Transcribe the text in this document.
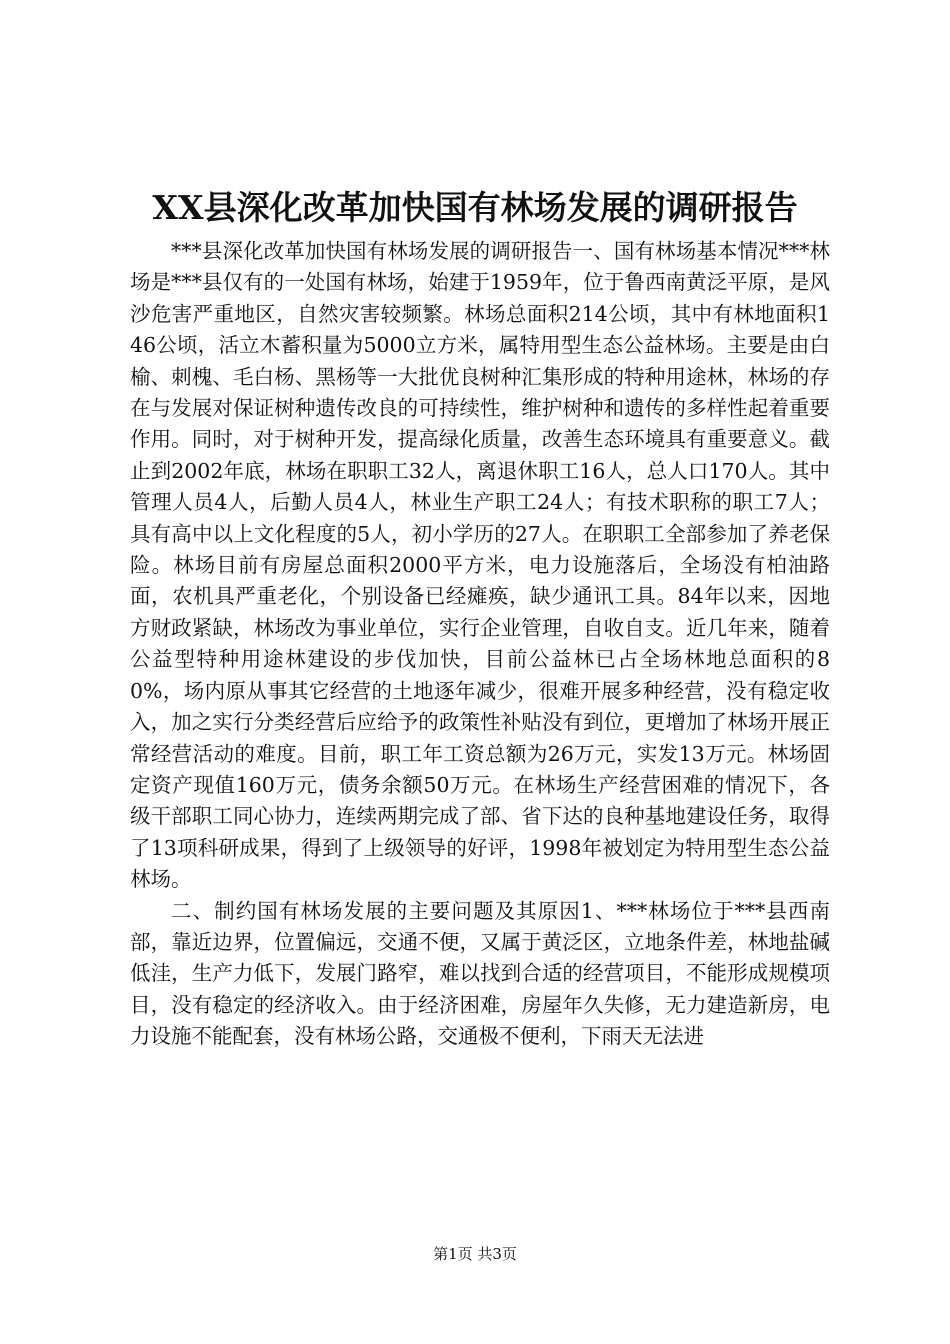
XX县深化改革加快国有林场发展的调研报告

***县深化改革加快国有林场发展的调研报告一、国有林场基本情况***林场是***县仅有的一处国有林场，始建于1959年，位于鲁西南黄泛平原，是风沙危害严重地区，自然灾害较频繁。林场总面积214公顷，其中有林地面积146公顷，活立木蓄积量为5000立方米，属特用型生态公益林场。主要是由白榆、刺槐、毛白杨、黑杨等一大批优良树种汇集形成的特种用途林，林场的存在与发展对保证树种遗传改良的可持续性，维护树种和遗传的多样性起着重要作用。同时，对于树种开发，提高绿化质量，改善生态环境具有重要意义。截止到2002年底，林场在职职工32人，离退休职工16人，总人口170人。其中管理人员4人，后勤人员4人，林业生产职工24人；有技术职称的职工7人；具有高中以上文化程度的5人，初小学历的27人。在职职工全部参加了养老保险。林场目前有房屋总面积2000平方米，电力设施落后，全场没有柏油路面，农机具严重老化，个别设备已经瘫痪，缺少通讯工具。84年以来，因地方财政紧缺，林场改为事业单位，实行企业管理，自收自支。近几年来，随着公益型特种用途林建设的步伐加快，目前公益林已占全场林地总面积的80%，场内原从事其它经营的土地逐年减少，很难开展多种经营，没有稳定收入，加之实行分类经营后应给予的政策性补贴没有到位，更增加了林场开展正常经营活动的难度。目前，职工年工资总额为26万元，实发13万元。林场固定资产现值160万元，债务余额50万元。在林场生产经营困难的情况下，各级干部职工同心协力，连续两期完成了部、省下达的良种基地建设任务，取得了13项科研成果，得到了上级领导的好评，1998年被划定为特用型生态公益林场。

二、制约国有林场发展的主要问题及其原因1、***林场位于***县西南部，靠近边界，位置偏远，交通不便，又属于黄泛区，立地条件差，林地盐碱低洼，生产力低下，发展门路窄，难以找到合适的经营项目，不能形成规模项目，没有稳定的经济收入。由于经济困难，房屋年久失修，无力建造新房，电力设施不能配套，没有林场公路，交通极不便利，下雨天无法进

第1页 共3页
